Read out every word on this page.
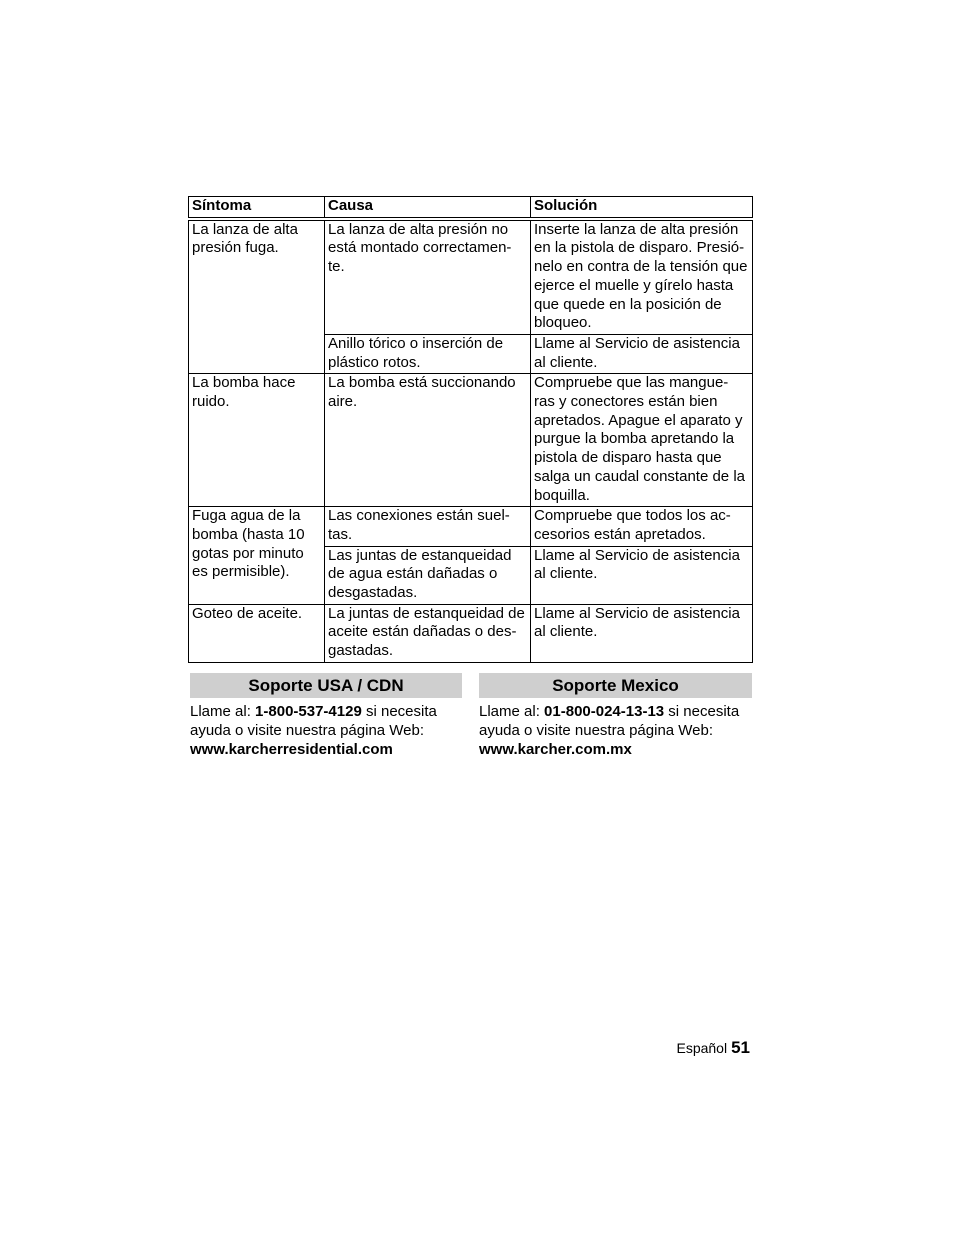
Síntoma	Causa	Solución
La lanza de alta presión fuga.	La lanza de alta presión no está montado correctamen-te.	Inserte la lanza de alta presión en la pistola de disparo. Presió-nelo en contra de la tensión que ejerce el muelle y gírelo hasta que quede en la posición de bloqueo.
	Anillo tórico o inserción de plástico rotos.	Llame al Servicio de asistencia al cliente.
La bomba hace ruido.	La bomba está succionando aire.	Compruebe que las mangue-ras y conectores están bien apretados. Apague el aparato y purgue la bomba apretando la pistola de disparo hasta que salga un caudal constante de la boquilla.
Fuga agua de la bomba (hasta 10 gotas por minuto es permisible).	Las conexiones están suel-tas.	Compruebe que todos los ac-cesorios están apretados.
	Las juntas de estanqueidad de agua están dañadas o desgastadas.	Llame al Servicio de asistencia al cliente.
Goteo de aceite.	La juntas de estanqueidad de aceite están dañadas o des-gastadas.	Llame al Servicio de asistencia al cliente.
Soporte USA / CDN
Llame al: 1-800-537-4129 si necesita ayuda o visite nuestra página Web:
www.karcherresidential.com
Soporte Mexico
Llame al: 01-800-024-13-13 si necesita ayuda o visite nuestra página Web:
www.karcher.com.mx
Español 51
